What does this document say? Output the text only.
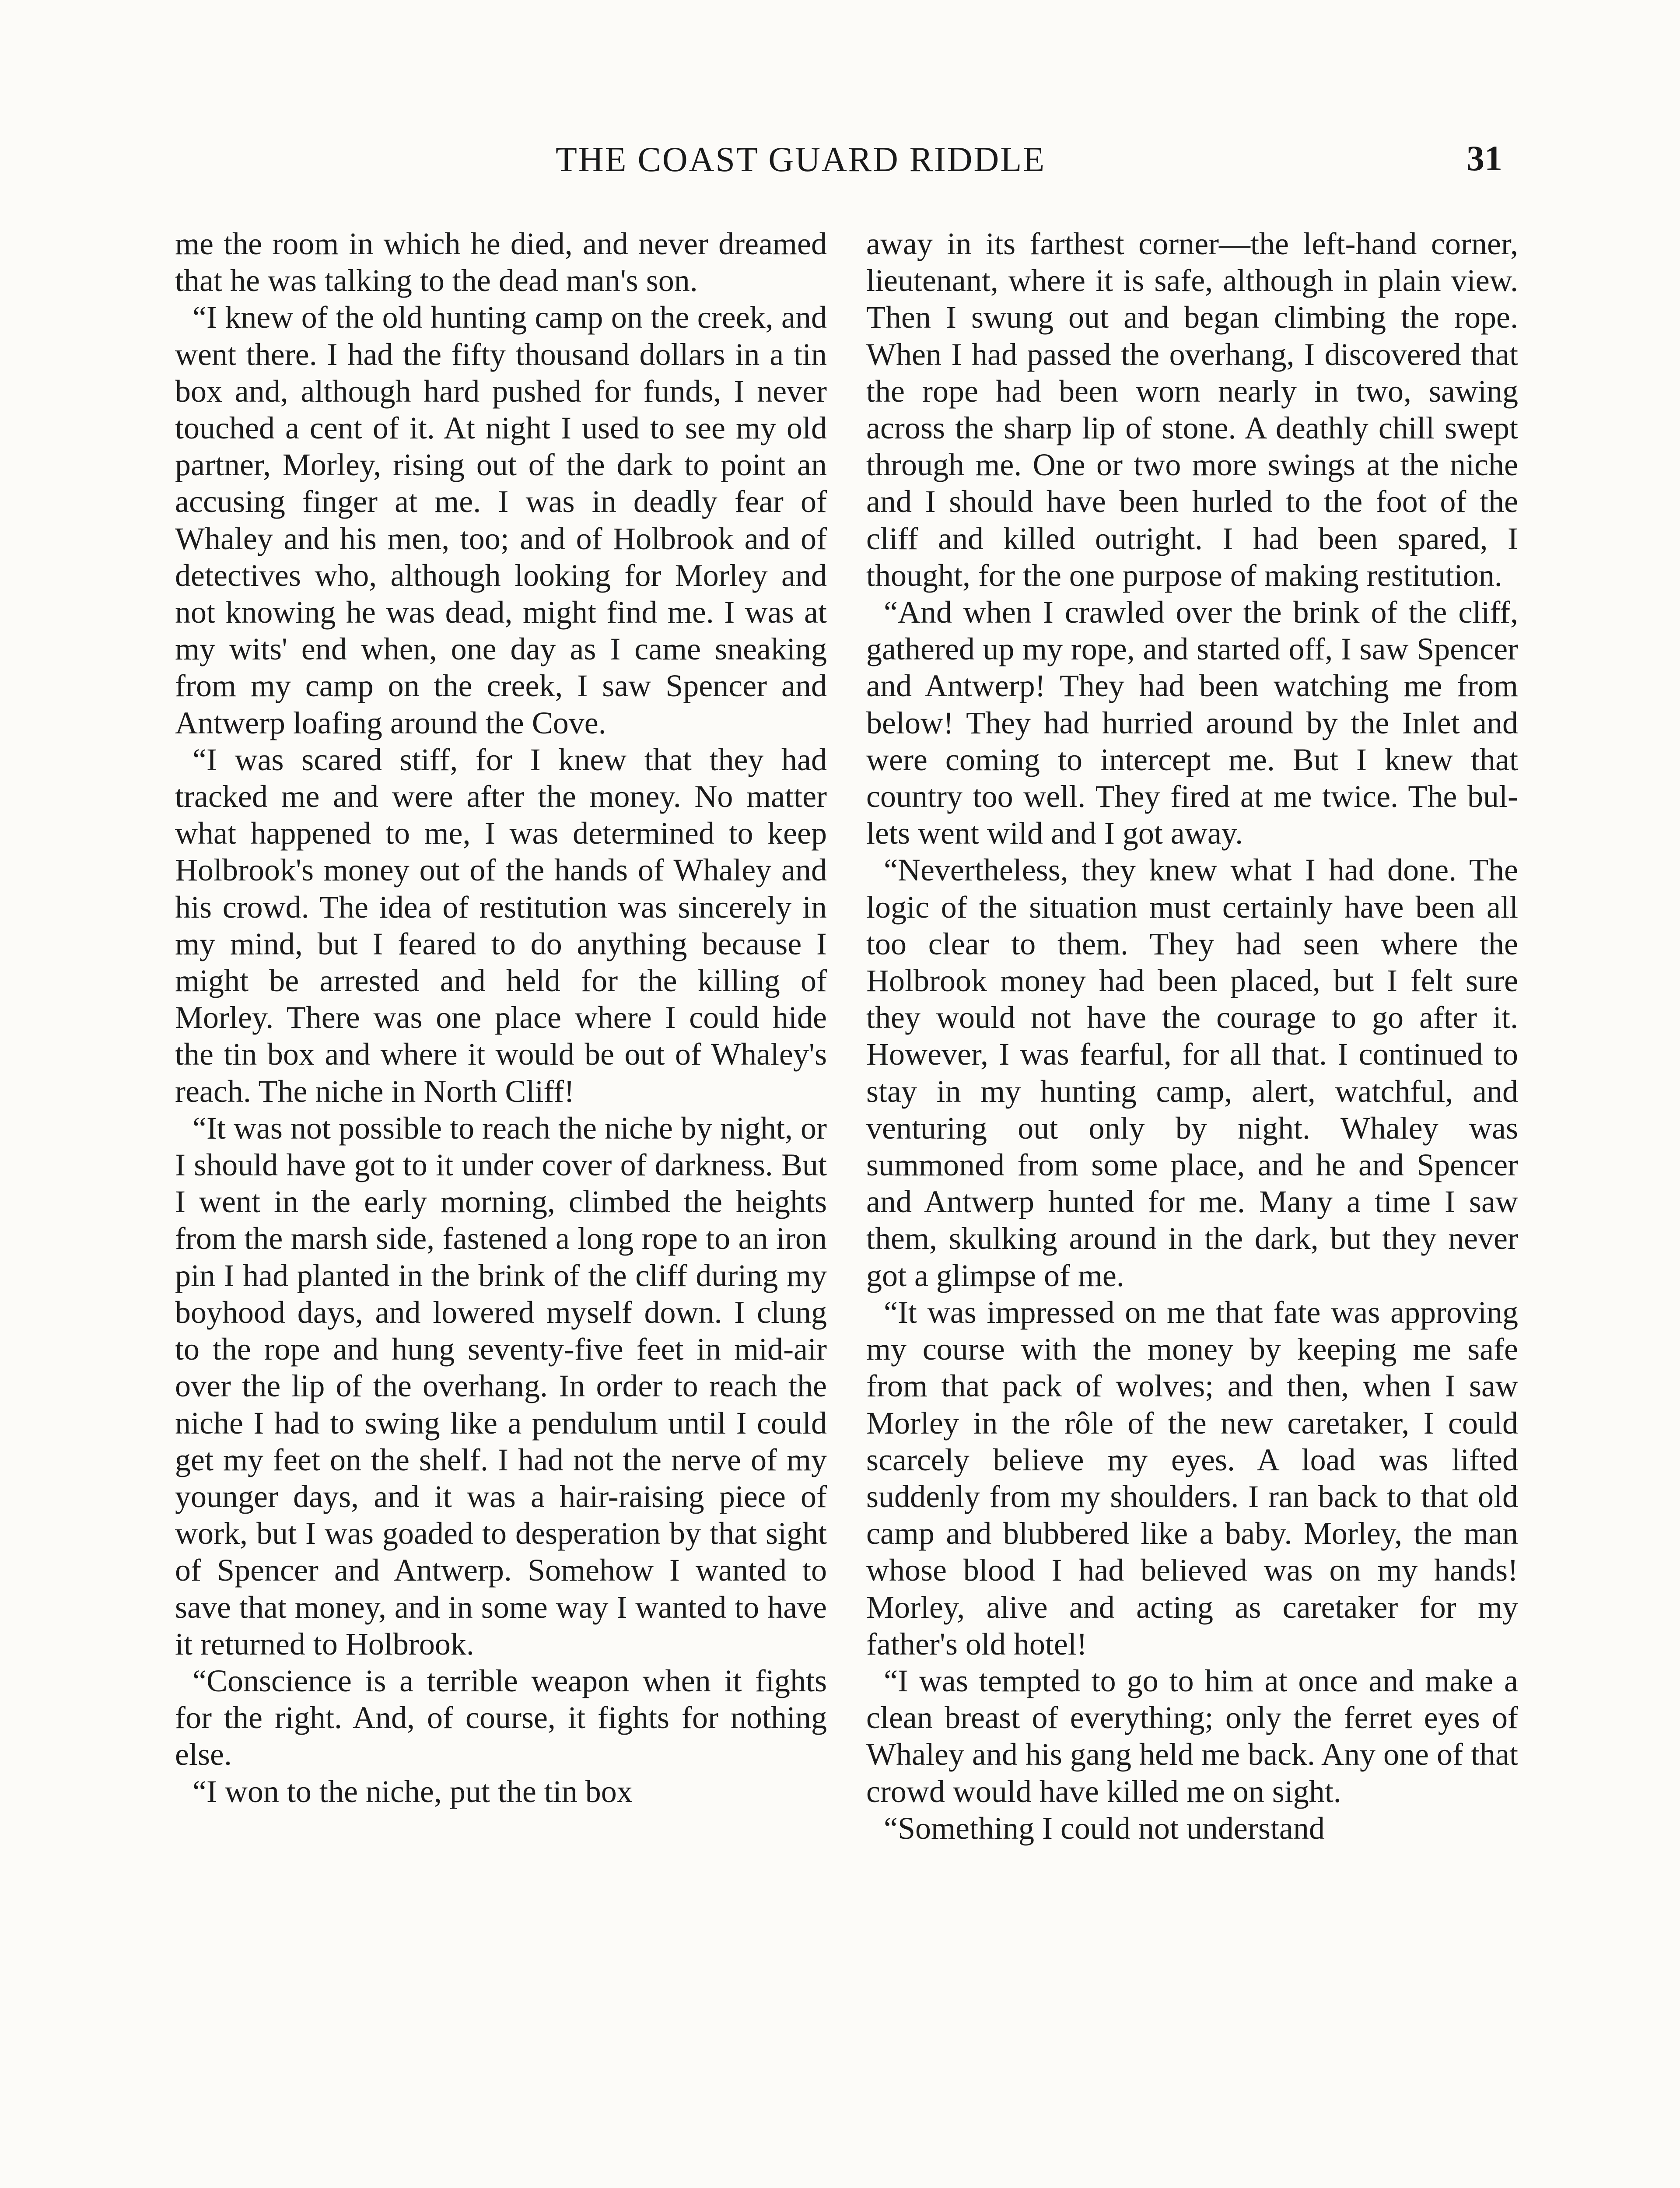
THE COAST GUARD RIDDLE	31

me the room in which he died, and never dreamed that he was talking to the dead man's son.

“I knew of the old hunting camp on the creek, and went there. I had the fifty thousand dollars in a tin box and, although hard pushed for funds, I never touched a cent of it. At night I used to see my old partner, Morley, rising out of the dark to point an accusing finger at me. I was in deadly fear of Whaley and his men, too; and of Holbrook and of detectives who, although looking for Morley and not knowing he was dead, might find me. I was at my wits' end when, one day as I came sneaking from my camp on the creek, I saw Spencer and Antwerp loafing around the Cove.

“I was scared stiff, for I knew that they had tracked me and were after the money. No matter what happened to me, I was determined to keep Holbrook's money out of the hands of Whaley and his crowd. The idea of restitution was sincerely in my mind, but I feared to do anything because I might be arrested and held for the killing of Morley. There was one place where I could hide the tin box and where it would be out of Whaley's reach. The niche in North Cliff!

“It was not possible to reach the niche by night, or I should have got to it under cover of darkness. But I went in the early morning, climbed the heights from the marsh side, fastened a long rope to an iron pin I had planted in the brink of the cliff during my boyhood days, and lowered myself down. I clung to the rope and hung seventy-five feet in mid-air over the lip of the overhang. In order to reach the niche I had to swing like a pendulum until I could get my feet on the shelf. I had not the nerve of my younger days, and it was a hair-raising piece of work, but I was goaded to desperation by that sight of Spencer and Antwerp. Somehow I wanted to save that money, and in some way I wanted to have it returned to Holbrook.

“Conscience is a terrible weapon when it fights for the right. And, of course, it fights for nothing else.

“I won to the niche, put the tin box

away in its farthest corner—the left-hand corner, lieutenant, where it is safe, although in plain view. Then I swung out and began climbing the rope. When I had passed the overhang, I discovered that the rope had been worn nearly in two, sawing across the sharp lip of stone. A deathly chill swept through me. One or two more swings at the niche and I should have been hurled to the foot of the cliff and killed outright. I had been spared, I thought, for the one purpose of making restitution.

“And when I crawled over the brink of the cliff, gathered up my rope, and started off, I saw Spencer and Antwerp! They had been watching me from below! They had hurried around by the Inlet and were coming to intercept me. But I knew that country too well. They fired at me twice. The bullets went wild and I got away.

“Nevertheless, they knew what I had done. The logic of the situation must certainly have been all too clear to them. They had seen where the Holbrook money had been placed, but I felt sure they would not have the courage to go after it. However, I was fearful, for all that. I continued to stay in my hunting camp, alert, watchful, and venturing out only by night. Whaley was summoned from some place, and he and Spencer and Antwerp hunted for me. Many a time I saw them, skulking around in the dark, but they never got a glimpse of me.

“It was impressed on me that fate was approving my course with the money by keeping me safe from that pack of wolves; and then, when I saw Morley in the rôle of the new caretaker, I could scarcely believe my eyes. A load was lifted suddenly from my shoulders. I ran back to that old camp and blubbered like a baby. Morley, the man whose blood I had believed was on my hands! Morley, alive and acting as caretaker for my father's old hotel!

“I was tempted to go to him at once and make a clean breast of everything; only the ferret eyes of Whaley and his gang held me back. Any one of that crowd would have killed me on sight.

“Something I could not understand
